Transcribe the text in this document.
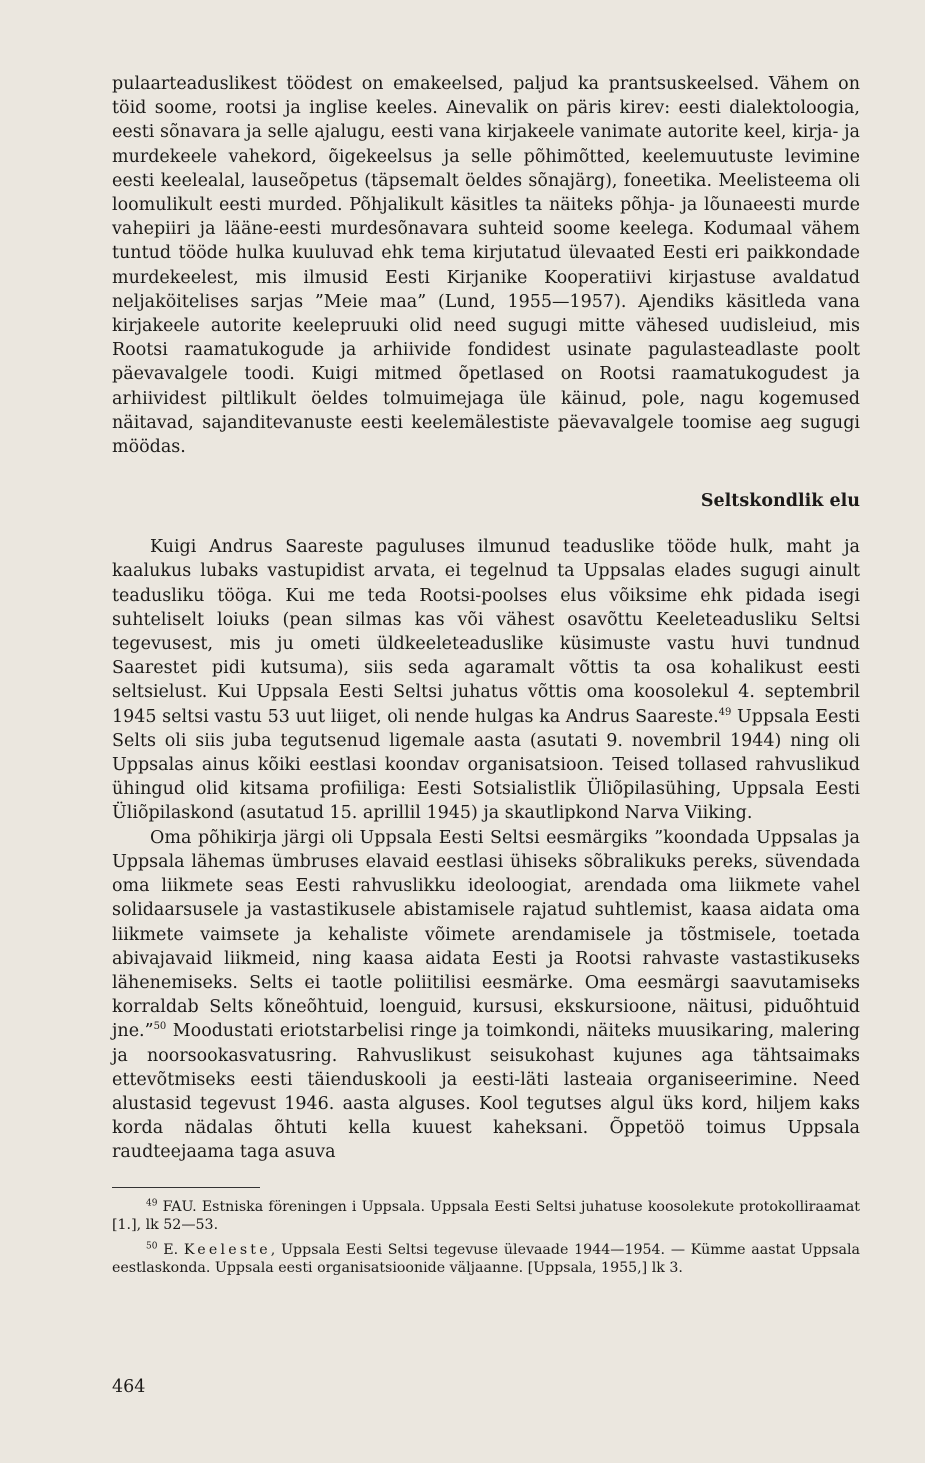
pulaarteaduslikest töödest on emakeelsed, paljud ka prantsuskeelsed. Vähem on töid soome, rootsi ja inglise keeles. Ainevalik on päris kirev: eesti dialektoloogia, eesti sõnavara ja selle ajalugu, eesti vana kirjakeele vanimate autorite keel, kirja- ja murdekeele vahekord, õigekeelsus ja selle põhimõtted, keelemuutuste levimine eesti keelealal, lauseõpetus (täpsemalt öeldes sõnajärg), foneetika. Meelisteema oli loomulikult eesti murded. Põhjalikult käsitles ta näiteks põhja- ja lõunaeesti murde vahepiiri ja lääne-eesti murdesõnavara suhteid soome keelega. Kodumaal vähem tuntud tööde hulka kuuluvad ehk tema kirjutatud ülevaated Eesti eri paikkondade murdekeelest, mis ilmusid Eesti Kirjanike Kooperatiivi kirjastuse avaldatud neljaköitelises sarjas ”Meie maa” (Lund, 1955—1957). Ajendiks käsitleda vana kirjakeele autorite keelepruuki olid need sugugi mitte vähesed uudisleiud, mis Rootsi raamatukogude ja arhiivide fondidest usinate pagulasteadlaste poolt päevavalgele toodi. Kuigi mitmed õpetlased on Rootsi raamatukogudest ja arhiividest piltlikult öeldes tolmuimejaga üle käinud, pole, nagu kogemused näitavad, sajanditevanuste eesti keelemälestiste päevavalgele toomise aeg sugugi möödas.

Seltskondlik elu

Kuigi Andrus Saareste paguluses ilmunud teaduslike tööde hulk, maht ja kaalukus lubaks vastupidist arvata, ei tegelnud ta Uppsalas elades sugugi ainult teadusliku tööga. Kui me teda Rootsi-poolses elus võiksime ehk pidada isegi suhteliselt loiuks (pean silmas kas või vähest osavõttu Keeleteadusliku Seltsi tegevusest, mis ju ometi üldkeeleteaduslike küsimuste vastu huvi tundnud Saarestet pidi kutsuma), siis seda agaramalt võttis ta osa kohalikust eesti seltsielust. Kui Uppsala Eesti Seltsi juhatus võttis oma koosolekul 4. septembril 1945 seltsi vastu 53 uut liiget, oli nende hulgas ka Andrus Saareste.$^{49}$ Uppsala Eesti Selts oli siis juba tegutsenud ligemale aasta (asutati 9. novembril 1944) ning oli Uppsalas ainus kõiki eestlasi koondav organisatsioon. Teised tollased rahvuslikud ühingud olid kitsama profiiliga: Eesti Sotsialistlik Üliõpilasühing, Uppsala Eesti Üliõpilaskond (asutatud 15. aprillil 1945) ja skautlipkond Narva Viiking.

Oma põhikirja järgi oli Uppsala Eesti Seltsi eesmärgiks ”koondada Uppsalas ja Uppsala lähemas ümbruses elavaid eestlasi ühiseks sõbralikuks pereks, süvendada oma liikmete seas Eesti rahvuslikku ideoloogiat, arendada oma liikmete vahel solidaarsusele ja vastastikusele abistamisele rajatud suhtlemist, kaasa aidata oma liikmete vaimsete ja kehaliste võimete arendamisele ja tõstmisele, toetada abivajavaid liikmeid, ning kaasa aidata Eesti ja Rootsi rahvaste vastastikuseks lähenemiseks. Selts ei taotle poliitilisi eesmärke. Oma eesmärgi saavutamiseks korraldab Selts kõneõhtuid, loenguid, kursusi, ekskursioone, näitusi, piduõhtuid jne.”$^{50}$ Moodustati eriotstarbelisi ringe ja toimkondi, näiteks muusikaring, malering ja noorsookasvatusring. Rahvuslikust seisukohast kujunes aga tähtsaimaks ettevõtmiseks eesti täienduskooli ja eesti-läti lasteaia organiseerimine. Need alustasid tegevust 1946. aasta alguses. Kool tegutses algul üks kord, hiljem kaks korda nädalas õhtuti kella kuuest kaheksani. Õppetöö toimus Uppsala raudteejaama taga asuva

$^{49}$ FAU. Estniska föreningen i Uppsala. Uppsala Eesti Seltsi juhatuse koosolekute protokolliraamat [1.], lk 52—53.

$^{50}$ E. Keeleste, Uppsala Eesti Seltsi tegevuse ülevaade 1944—1954. — Kümme aastat Uppsala eestlaskonda. Uppsala eesti organisatsioonide väljaanne. [Uppsala, 1955,] lk 3.

464
